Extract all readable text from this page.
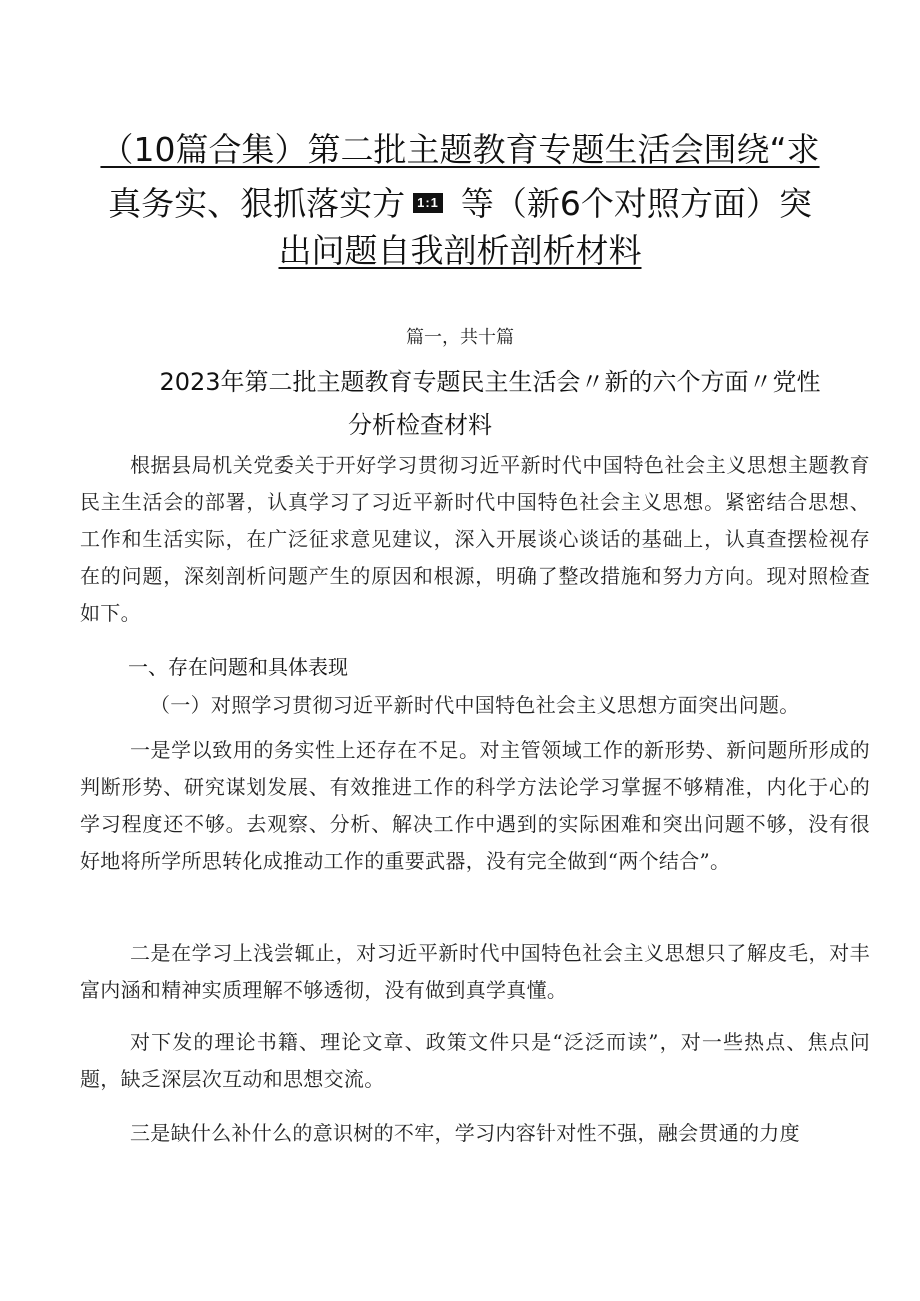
（10篇合集）第二批主题教育专题生活会围绕“求
真务实、狠抓落实方 1:1 等（新6个对照方面）突
出问题自我剖析剖析材料
篇一，共十篇
2023年第二批主题教育专题民主生活会〃新的六个方面〃党性
分析检查材料

根据县局机关党委关于开好学习贯彻习近平新时代中国特色社会主义思想主题教育民主生活会的部署，认真学习了习近平新时代中国特色社会主义思想。紧密结合思想、工作和生活实际，在广泛征求意见建议，深入开展谈心谈话的基础上，认真查摆检视存在的问题，深刻剖析问题产生的原因和根源，明确了整改措施和努力方向。现对照检查如下。

一、存在问题和具体表现

（一）对照学习贯彻习近平新时代中国特色社会主义思想方面突出问题。

一是学以致用的务实性上还存在不足。对主管领域工作的新形势、新问题所形成的判断形势、研究谋划发展、有效推进工作的科学方法论学习掌握不够精准，内化于心的学习程度还不够。去观察、分析、解决工作中遇到的实际困难和突出问题不够，没有很好地将所学所思转化成推动工作的重要武器，没有完全做到“两个结合”。

二是在学习上浅尝辄止，对习近平新时代中国特色社会主义思想只了解皮毛，对丰富内涵和精神实质理解不够透彻，没有做到真学真懂。

对下发的理论书籍、理论文章、政策文件只是“泛泛而读”，对一些热点、焦点问题，缺乏深层次互动和思想交流。

三是缺什么补什么的意识树的不牢，学习内容针对性不强，融会贯通的力度
